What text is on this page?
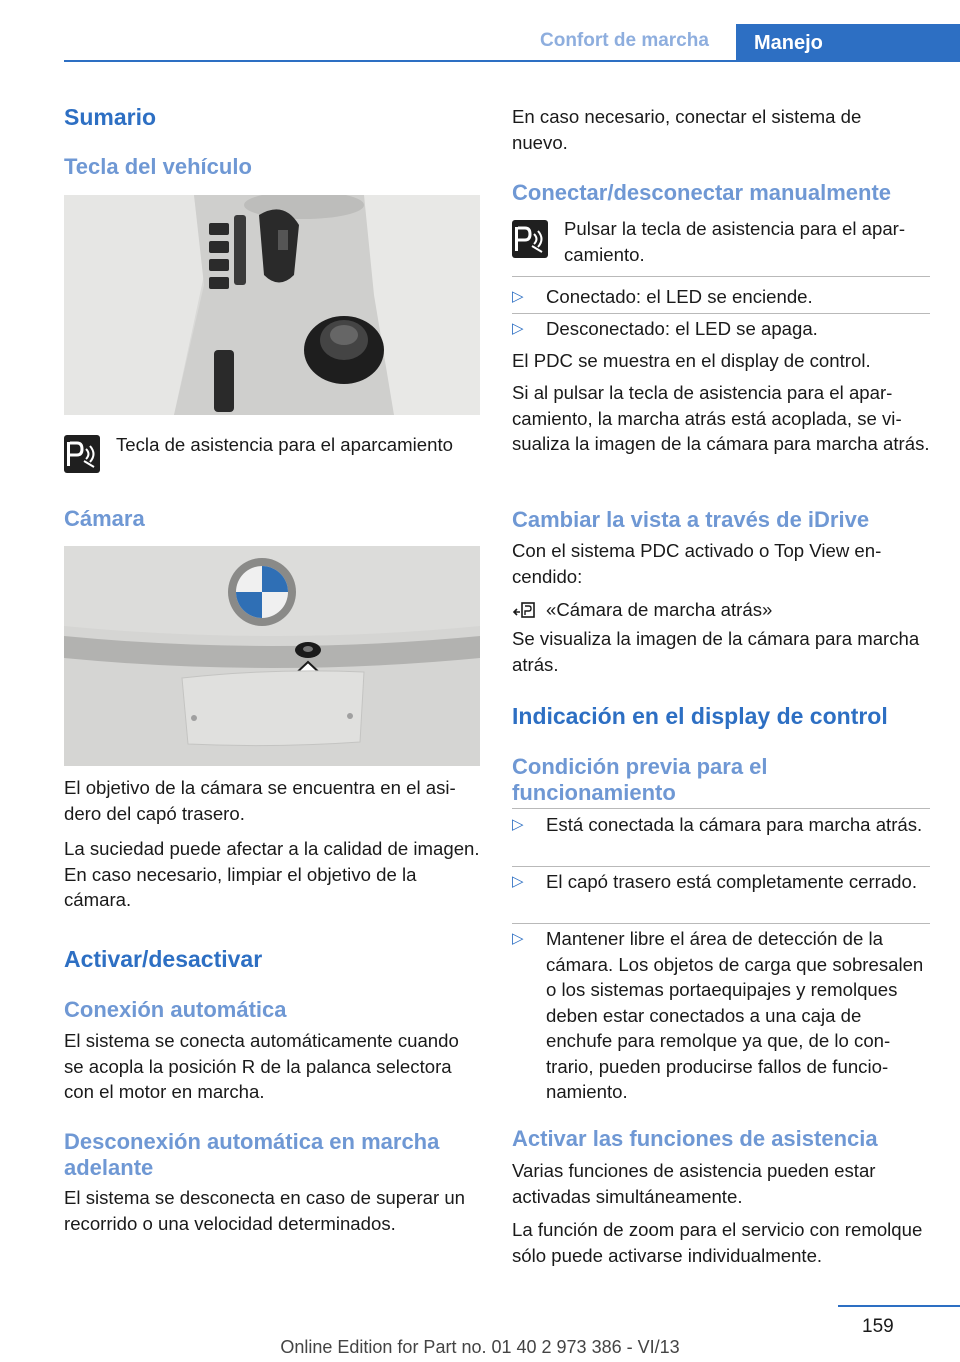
Confort de marcha	Manejo
Sumario
Tecla del vehículo
Tecla de asistencia para el aparcamiento
Cámara
El objetivo de la cámara se encuentra en el asidero del capó trasero.
La suciedad puede afectar a la calidad de imagen. En caso necesario, limpiar el objetivo de la cámara.
Activar/desactivar
Conexión automática
El sistema se conecta automáticamente cuando se acopla la posición R de la palanca selectora con el motor en marcha.
Desconexión automática en marcha adelante
El sistema se desconecta en caso de superar un recorrido o una velocidad determinados.
En caso necesario, conectar el sistema de nuevo.
Conectar/desconectar manualmente
Pulsar la tecla de asistencia para el aparcamiento.
▷ Conectado: el LED se enciende.
▷ Desconectado: el LED se apaga.
El PDC se muestra en el display de control.
Si al pulsar la tecla de asistencia para el aparcamiento, la marcha atrás está acoplada, se visualiza la imagen de la cámara para marcha atrás.
Cambiar la vista a través de iDrive
Con el sistema PDC activado o Top View encendido:
«Cámara de marcha atrás»
Se visualiza la imagen de la cámara para marcha atrás.
Indicación en el display de control
Condición previa para el funcionamiento
▷ Está conectada la cámara para marcha atrás.
▷ El capó trasero está completamente cerrado.
▷ Mantener libre el área de detección de la cámara. Los objetos de carga que sobresalen o los sistemas portaequipajes y remolques deben estar conectados a una caja de enchufe para remolque ya que, de lo contrario, pueden producirse fallos de funcionamiento.
Activar las funciones de asistencia
Varias funciones de asistencia pueden estar activadas simultáneamente.
La función de zoom para el servicio con remolque sólo puede activarse individualmente.
159
Online Edition for Part no. 01 40 2 973 386 - VI/13
